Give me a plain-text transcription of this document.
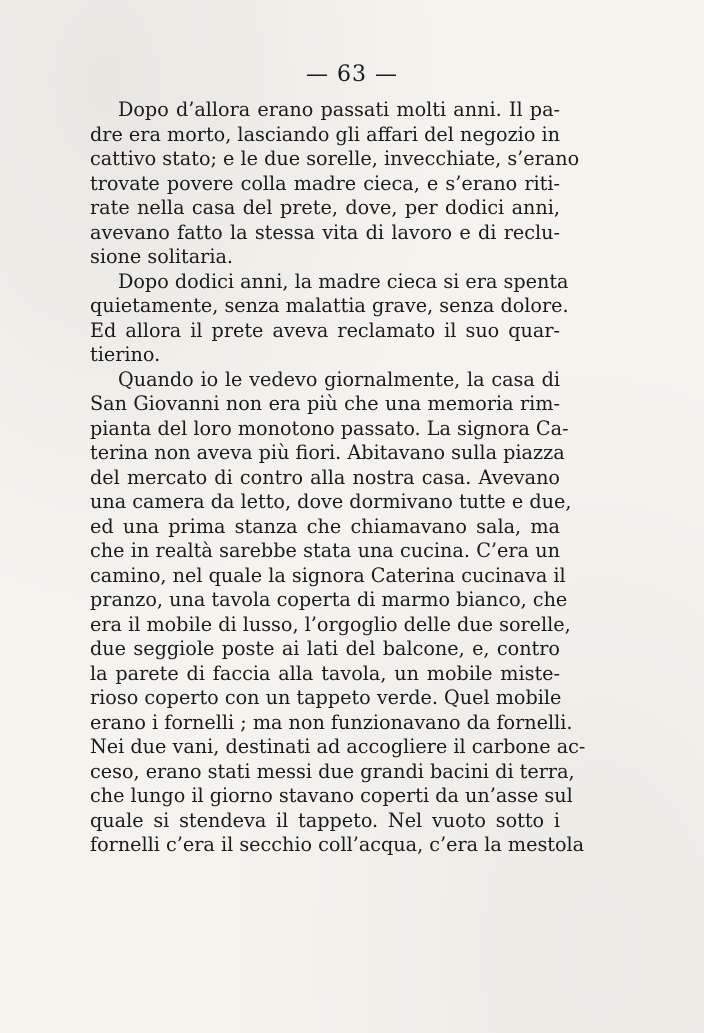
— 63 —
Dopo d’allora erano passati molti anni. Il pa-
dre era morto, lasciando gli affari del negozio in
cattivo stato; e le due sorelle, invecchiate, s’erano
trovate povere colla madre cieca, e s’erano riti-
rate nella casa del prete, dove, per dodici anni,
avevano fatto la stessa vita di lavoro e di reclu-
sione solitaria.
Dopo dodici anni, la madre cieca si era spenta
quietamente, senza malattia grave, senza dolore.
Ed allora il prete aveva reclamato il suo quar-
tierino.
Quando io le vedevo giornalmente, la casa di
San Giovanni non era più che una memoria rim-
pianta del loro monotono passato. La signora Ca-
terina non aveva più fiori. Abitavano sulla piazza
del mercato di contro alla nostra casa. Avevano
una camera da letto, dove dormivano tutte e due,
ed una prima stanza che chiamavano sala, ma
che in realtà sarebbe stata una cucina. C’era un
camino, nel quale la signora Caterina cucinava il
pranzo, una tavola coperta di marmo bianco, che
era il mobile di lusso, l’orgoglio delle due sorelle,
due seggiole poste ai lati del balcone, e, contro
la parete di faccia alla tavola, un mobile miste-
rioso coperto con un tappeto verde. Quel mobile
erano i fornelli ; ma non funzionavano da fornelli.
Nei due vani, destinati ad accogliere il carbone ac-
ceso, erano stati messi due grandi bacini di terra,
che lungo il giorno stavano coperti da un’asse sul
quale si stendeva il tappeto. Nel vuoto sotto i
fornelli c’era il secchio coll’acqua, c’era la mestola
